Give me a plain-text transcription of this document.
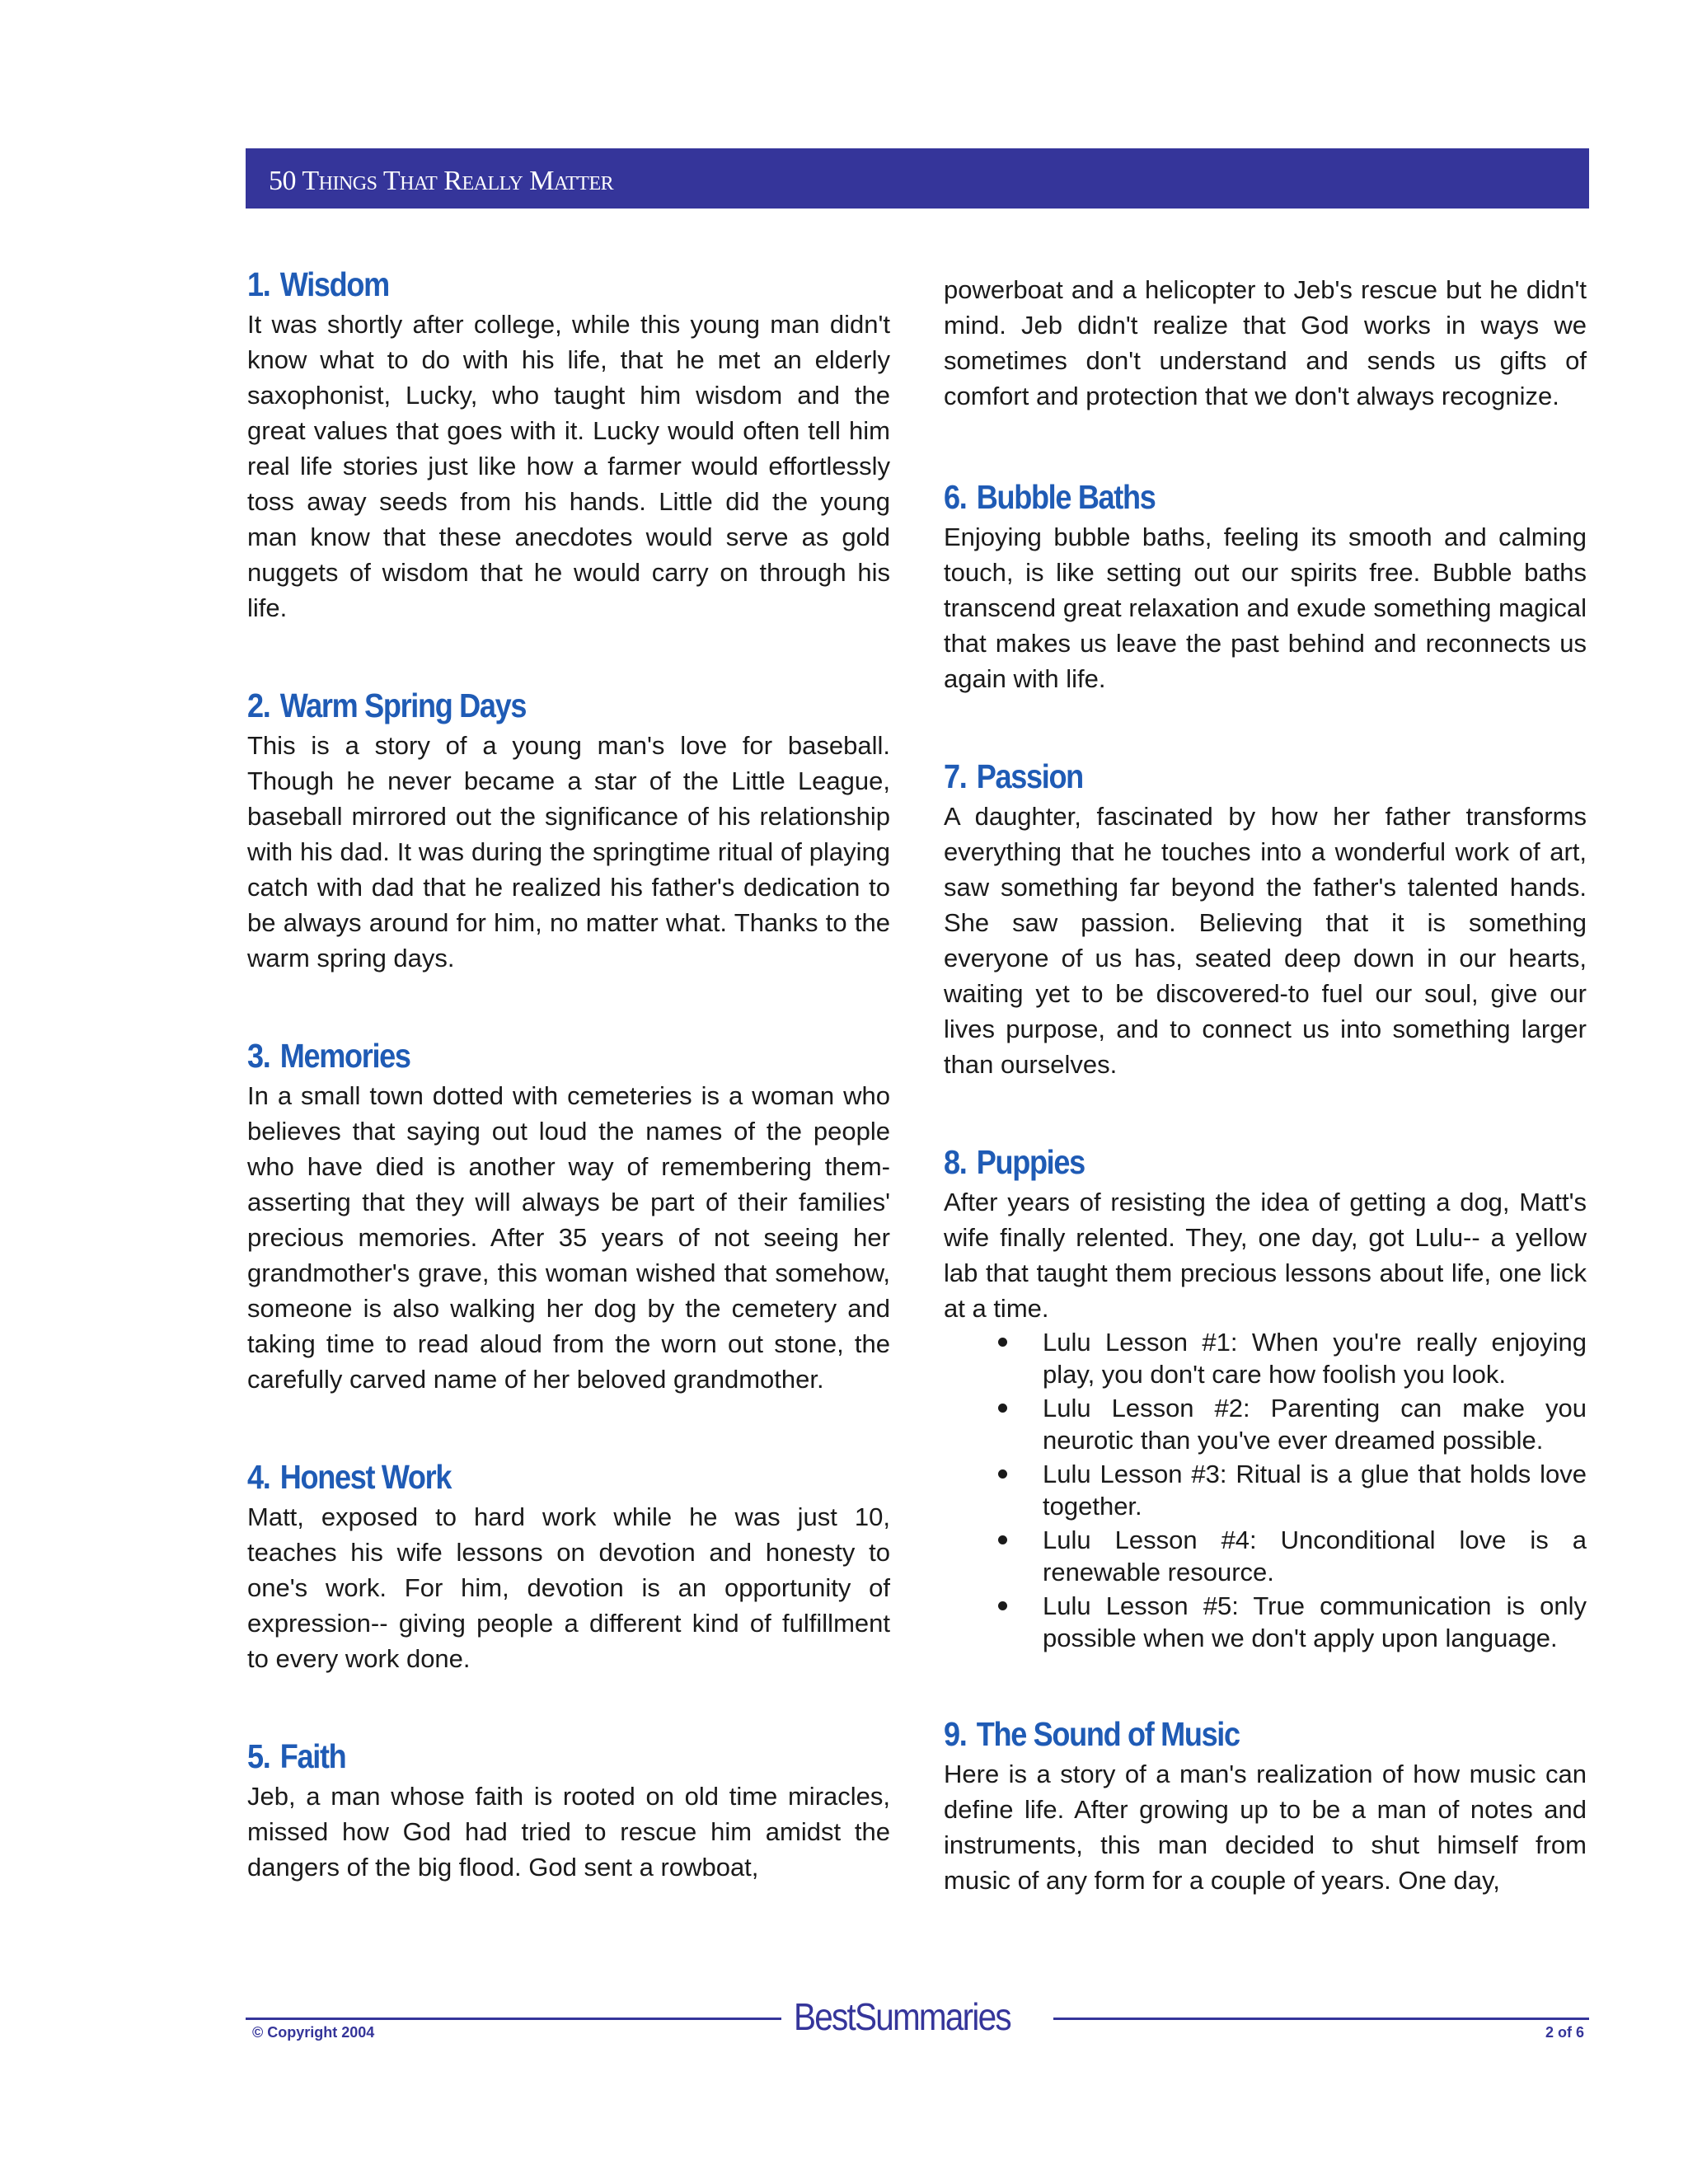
50 Things That Really Matter
1. Wisdom

It was shortly after college, while this young man didn't know what to do with his life, that he met an elderly saxophonist, Lucky, who taught him wisdom and the great values that goes with it. Lucky would often tell him real life stories just like how a farmer would effortlessly toss away seeds from his hands. Little did the young man know that these anecdotes would serve as gold nuggets of wisdom that he would carry on through his life.

2. Warm Spring Days

This is a story of a young man's love for baseball. Though he never became a star of the Little League, baseball mirrored out the significance of his relationship with his dad. It was during the springtime ritual of playing catch with dad that he realized his father's dedication to be always around for him, no matter what. Thanks to the warm spring days.

3. Memories

In a small town dotted with cemeteries is a woman who believes that saying out loud the names of the people who have died is another way of remembering them-asserting that they will always be part of their families' precious memories. After 35 years of not seeing her grandmother's grave, this woman wished that somehow, someone is also walking her dog by the cemetery and taking time to read aloud from the worn out stone, the carefully carved name of her beloved grandmother.

4. Honest Work

Matt, exposed to hard work while he was just 10, teaches his wife lessons on devotion and honesty to one's work. For him, devotion is an opportunity of expression-- giving people a different kind of fulfillment to every work done.

5. Faith

Jeb, a man whose faith is rooted on old time miracles, missed how God had tried to rescue him amidst the dangers of the big flood. God sent a rowboat,

powerboat and a helicopter to Jeb's rescue but he didn't mind. Jeb didn't realize that God works in ways we sometimes don't understand and sends us gifts of comfort and protection that we don't always recognize.

6. Bubble Baths

Enjoying bubble baths, feeling its smooth and calming touch, is like setting out our spirits free. Bubble baths transcend great relaxation and exude something magical that makes us leave the past behind and reconnects us again with life.

7. Passion

A daughter, fascinated by how her father transforms everything that he touches into a wonderful work of art, saw something far beyond the father's talented hands. She saw passion. Believing that it is something everyone of us has, seated deep down in our hearts, waiting yet to be discovered-to fuel our soul, give our lives purpose, and to connect us into something larger than ourselves.

8. Puppies

After years of resisting the idea of getting a dog, Matt's wife finally relented. They, one day, got Lulu-- a yellow lab that taught them precious lessons about life, one lick at a time.

Lulu Lesson #1: When you're really enjoying play, you don't care how foolish you look.
Lulu Lesson #2: Parenting can make you neurotic than you've ever dreamed possible.
Lulu Lesson #3: Ritual is a glue that holds love together.
Lulu Lesson #4: Unconditional love is a renewable resource.
Lulu Lesson #5: True communication is only possible when we don't apply upon language.
9. The Sound of Music

Here is a story of a man's realization of how music can define life. After growing up to be a man of notes and instruments, this man decided to shut himself from music of any form for a couple of years. One day,

BestSummaries
© Copyright 2004	2 of 6
